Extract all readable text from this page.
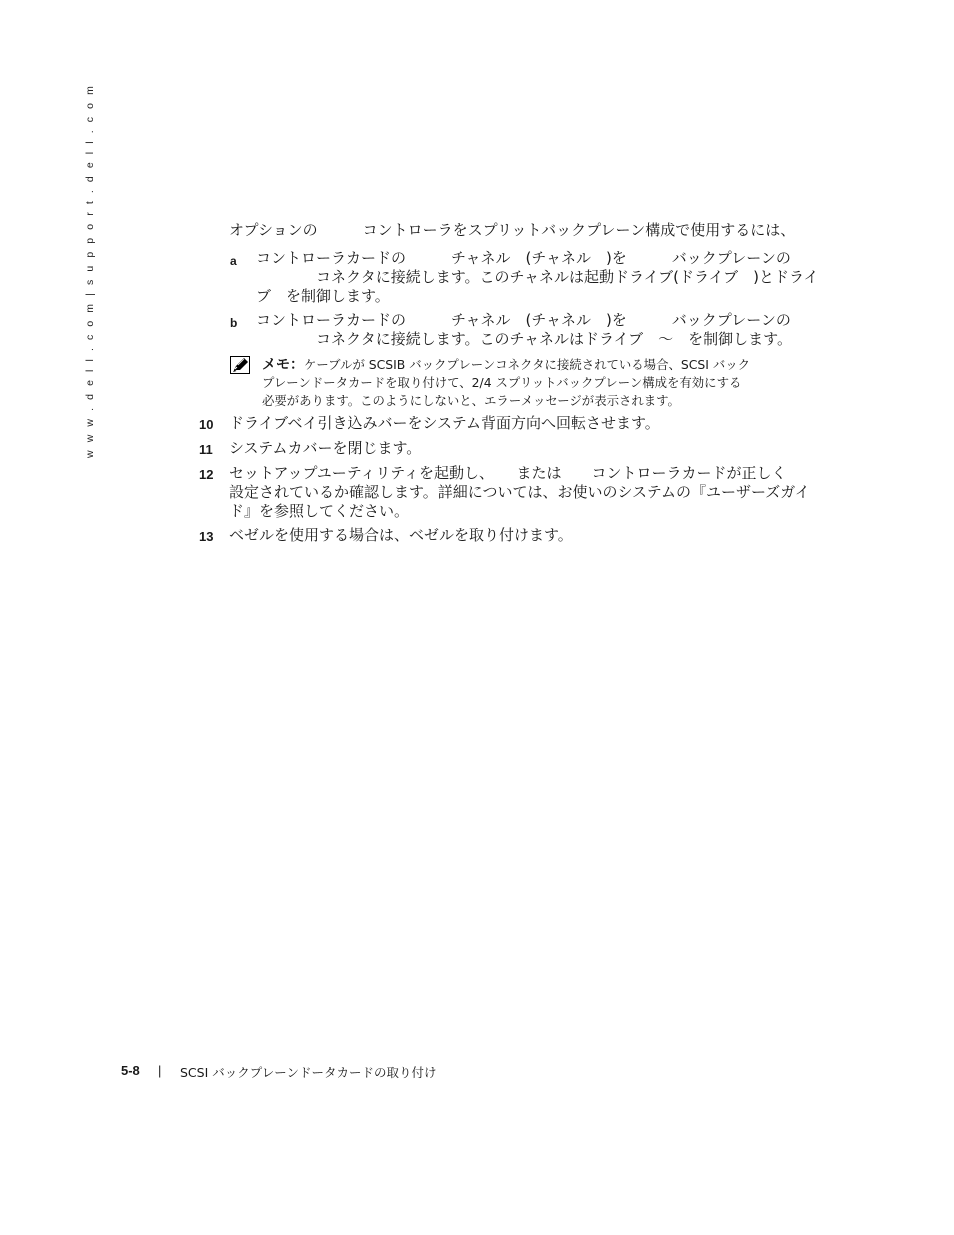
w w w . d e l l . c o m | s u p p o r t . d e l l . c o m	オプションの　　　コントローラをスプリットバックプレーン構成で使用するには、
a コントローラカードの　　　チャネル　(チャネル　)を　　　バックプレーンの
　　　　コネクタに接続します。このチャネルは起動ドライブ(ドライブ　)とドライ
ブ　を制御します。
b コントローラカードの　　　チャネル　(チャネル　)を　　　バックプレーンの
　　　　コネクタに接続します。このチャネルはドライブ　～　を制御します。
メモ：ケーブルが SCSIB バックプレーンコネクタに接続されている場合、SCSI バック
プレーンドータカードを取り付けて、2/4 スプリットバックプレーン構成を有効にする
必要があります。このようにしないと、エラーメッセージが表示されます。
10 ドライブベイ引き込みバーをシステム背面方向へ回転させます。
11 システムカバーを閉じます。
12 セットアップユーティリティを起動し、　　または　　コントローラカードが正しく
設定されているか確認します。詳細については、お使いのシステムの『ユーザーズガイ
ド』を参照してください。
13 ベゼルを使用する場合は、ベゼルを取り付けます。
5-8 | SCSI バックプレーンドータカードの取り付け
